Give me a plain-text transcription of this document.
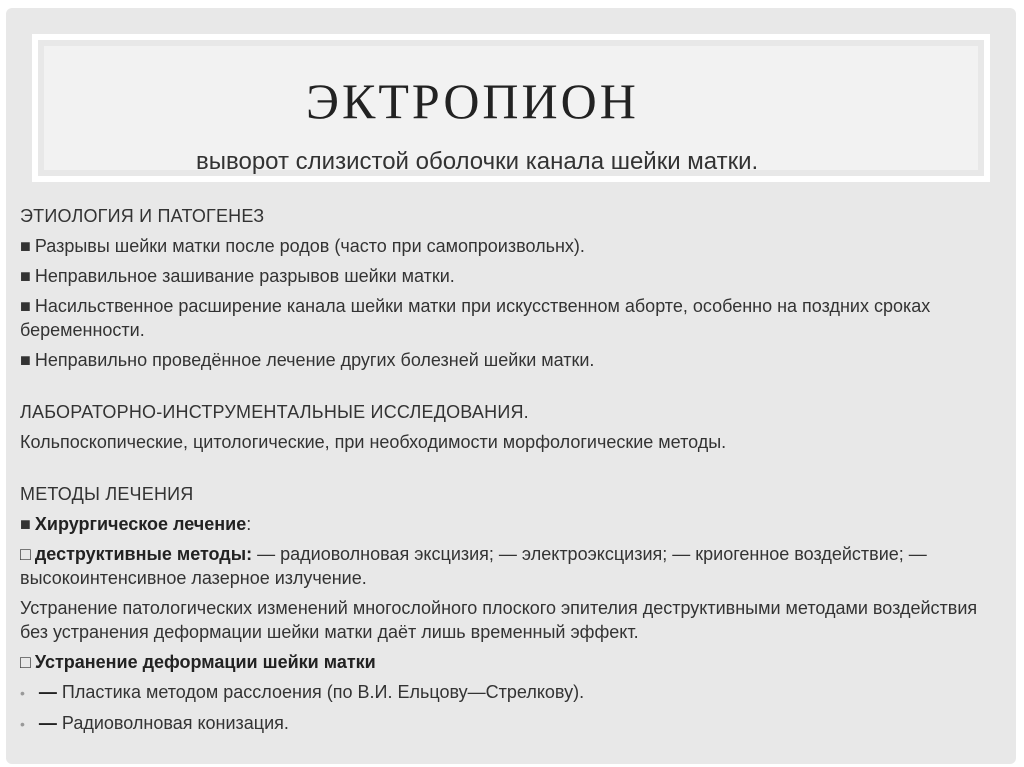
ЭКТРОПИОН

выворот слизистой оболочки канала шейки матки.

ЭТИОЛОГИЯ И ПАТОГЕНЕЗ

■ Разрывы шейки матки после родов (часто при самопроизвольнх).

■ Неправильное зашивание разрывов шейки матки.

■ Насильственное расширение канала шейки матки при искусственном аборте, особенно на поздних сроках беременности.

■ Неправильно проведённое лечение других болезней шейки матки.

ЛАБОРАТОРНО-ИНСТРУМЕНТАЛЬНЫЕ ИССЛЕДОВАНИЯ.

Кольпоскопические, цитологические, при необходимости морфологические методы.

МЕТОДЫ ЛЕЧЕНИЯ

■ Хирургическое лечение:

□ деструктивные методы: — радиоволновая эксцизия; — электроэксцизия; — криогенное воздействие; — высокоинтенсивное лазерное излучение.

Устранение патологических изменений многослойного плоского эпителия деструктивными методами воздействия без устранения деформации шейки матки даёт лишь временный эффект.

□ Устранение деформации шейки матки

• — Пластика методом расслоения (по В.И. Ельцову—Стрелкову).

• — Радиоволновая конизация.
